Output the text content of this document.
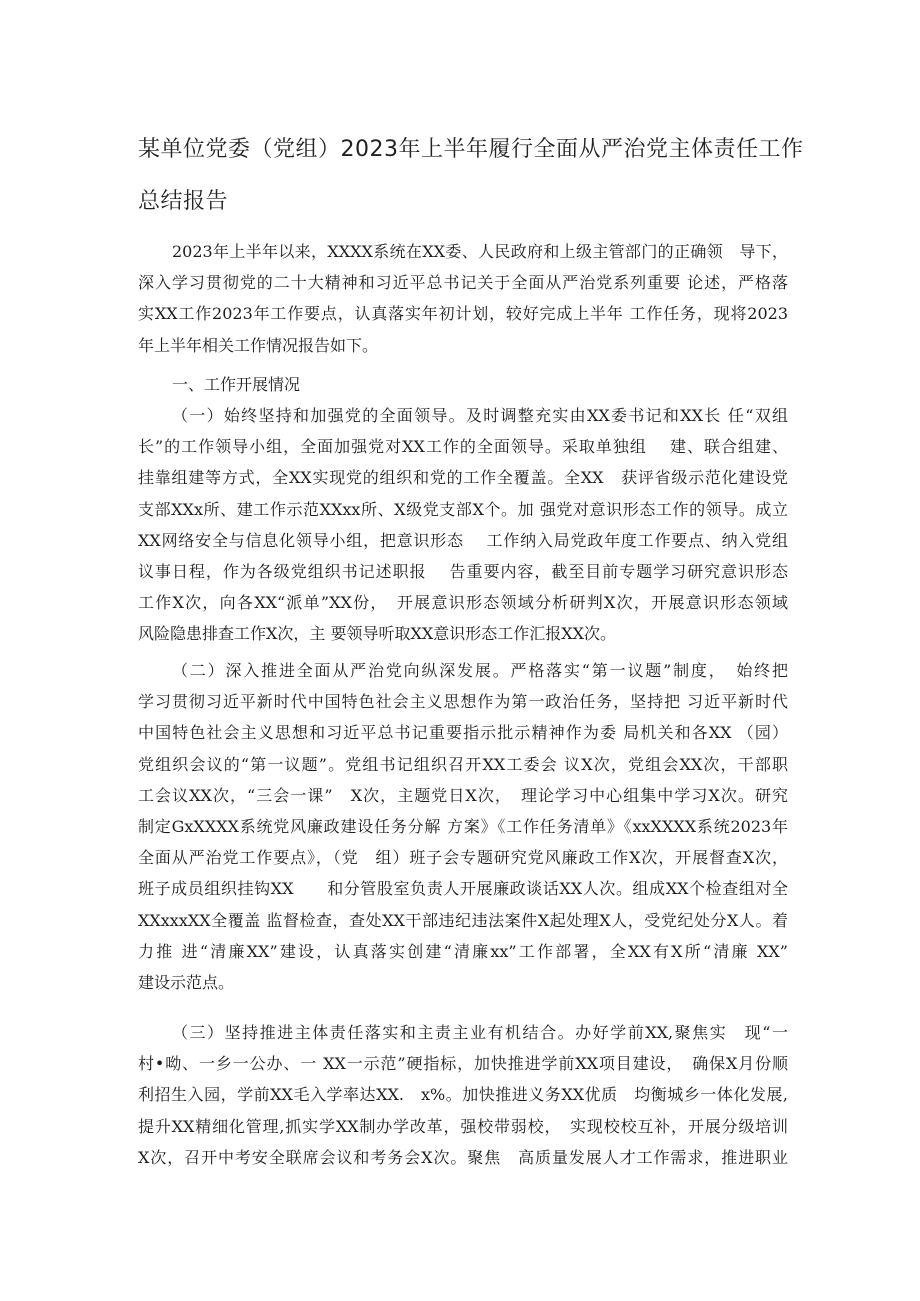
某单位党委（党组）2023年上半年履行全面从严治党主体责任工作
总结报告
2023年上半年以来，XXXX系统在XX委、人民政府和上级主管部门的正确领　导下，
深入学习贯彻党的二十大精神和习近平总书记关于全面从严治党系列重要 论述，严格落
实XX工作2023年工作要点，认真落实年初计划，较好完成上半年 工作任务，现将2023
年上半年相关工作情况报告如下。
一、工作开展情况
（一）始终坚持和加强党的全面领导。及时调整充实由XX委书记和XX长 任“双组
长”的工作领导小组，全面加强党对XX工作的全面领导。采取单独组　 建、联合组建、
挂靠组建等方式，全XX实现党的组织和党的工作全覆盖。全XX　获评省级示范化建设党
支部XXx所、建工作示范XXxx所、X级党支部X个。加 强党对意识形态工作的领导。成立
XX网络安全与信息化领导小组，把意识形态　 工作纳入局党政年度工作要点、纳入党组
议事日程，作为各级党组织书记述职报　 告重要内容，截至目前专题学习研究意识形态
工作X次，向各XX“派单”XX份，　开展意识形态领域分析研判X次，开展意识形态领域
风险隐患排查工作X次，主 要领导听取XX意识形态工作汇报XX次。
（二）深入推进全面从严治党向纵深发展。严格落实“第一议题”制度，　始终把
学习贯彻习近平新时代中国特色社会主义思想作为第一政治任务，坚持把 习近平新时代
中国特色社会主义思想和习近平总书记重要指示批示精神作为委 局机关和各XX （园）
党组织会议的“第一议题”。党组书记组织召开XX工委会 议X次，党组会XX次，干部职
工会议XX次，“三会一课”　X次，主题党日X次，　理论学习中心组集中学习X次。研究
制定GxXXXX系统党风廉政建设任务分解 方案》《工作任务清单》《xxXXXX系统2023年
全面从严治党工作要点》，（党　组）班子会专题研究党风廉政工作X次，开展督查X次，
班子成员组织挂钩XX　　和分管股室负责人开展廉政谈话XX人次。组成XX个检查组对全
XXxxxXX全覆盖 监督检查，查处XX干部违纪违法案件X起处理X人，受党纪处分X人。着
力推 进“清廉XX”建设，认真落实创建“清廉xx”工作部署，全XX有X所“清廉 XX”
建设示范点。
（三）坚持推进主体责任落实和主责主业有机结合。办好学前XX,聚焦实　现“一
村•呦、一乡一公办、一 XX一示范”硬指标，加快推进学前XX项目建设，　确保X月份顺
利招生入园，学前XX毛入学率达XX.　x%。加快推进义务XX优质　均衡城乡一体化发展,
提升XX精细化管理,抓实学XX制办学改革，强校带弱校，　实现校校互补，开展分级培训
X次，召开中考安全联席会议和考务会X次。聚焦　高质量发展人才工作需求，推进职业
